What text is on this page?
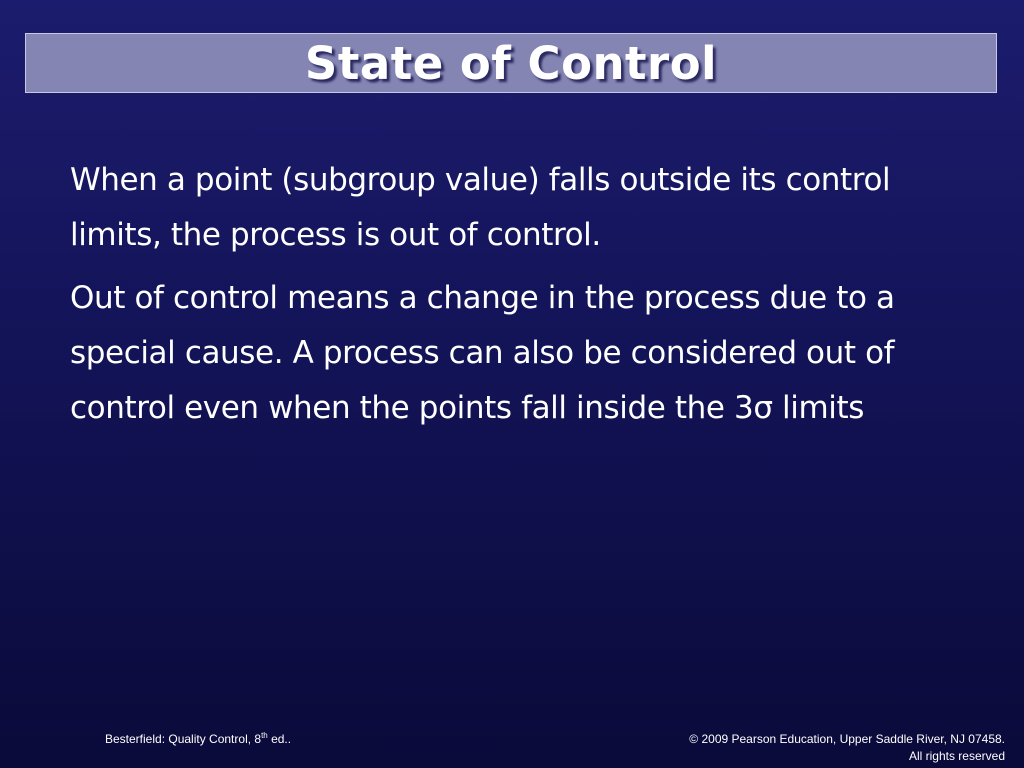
State of Control

When a point (subgroup value) falls outside its control limits, the process is out of control.

Out of control means a change in the process due to a special cause. A process can also be considered out of control even when the points fall inside the 3σ limits

Besterfield: Quality Control, 8th ed..	© 2009 Pearson Education, Upper Saddle River, NJ 07458.
All rights reserved
